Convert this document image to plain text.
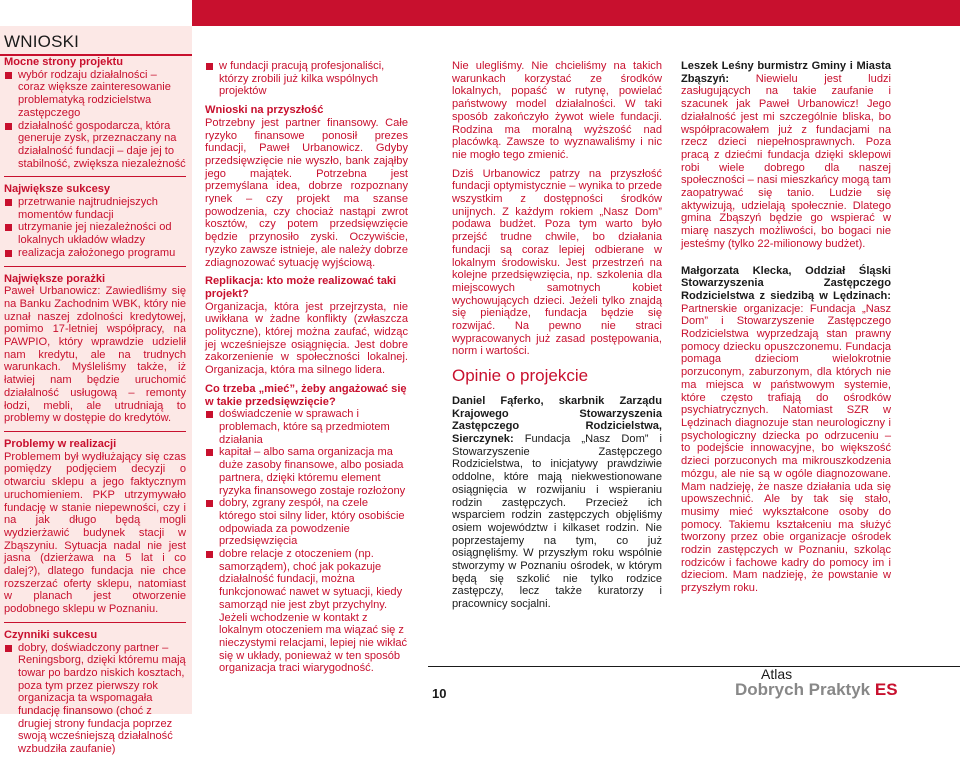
WNIOSKI
Mocne strony projektu
wybór rodzaju działalności – coraz większe zainteresowanie problematyką rodzicielstwa zastępczego
działalność gospodarcza, która generuje zysk, przeznaczany na działalność fundacji – daje jej to stabilność, zwiększa niezależność
Największe sukcesy
przetrwanie najtrudniejszych momentów fundacji
utrzymanie jej niezależności od lokalnych układów władzy
realizacja założonego programu
Największe porażki
Paweł Urbanowicz: Zawiedliśmy się na Banku Zachodnim WBK, który nie uznał naszej zdolności kredytowej, pomimo 17-letniej współpracy, na PAWPIO, który wprawdzie udzielił nam kredytu, ale na trudnych warunkach. Myśleliśmy także, iż łatwiej nam będzie uruchomić działalność usługową – remonty łodzi, mebli, ale utrudniają to problemy w dostępie do kredytów.
Problemy w realizacji
Problemem był wydłużający się czas pomiędzy podjęciem decyzji o otwarciu sklepu a jego faktycznym uruchomieniem. PKP utrzymywało fundację w stanie niepewności, czy i na jak długo będą mogli wydzierżawić budynek stacji w Zbąszyniu. Sytuacja nadal nie jest jasna (dzierżawa na 5 lat i co dalej?), dlatego fundacja nie chce rozszerzać oferty sklepu, natomiast w planach jest otworzenie podobnego sklepu w Poznaniu.
Czynniki sukcesu
dobry, doświadczony partner – Reningsborg, dzięki któremu mają towar po bardzo niskich kosztach, poza tym przez pierwszy rok organizacja ta wspomagała fundację finansowo (choć z drugiej strony fundacja poprzez swoją wcześniejszą działalność wzbudziła zaufanie)
w fundacji pracują profesjonaliści, którzy zrobili już kilka wspólnych projektów
Wnioski na przyszłość
Potrzebny jest partner finansowy. Całe ryzyko finansowe ponosił prezes fundacji, Paweł Urbanowicz. Gdyby przedsięwzięcie nie wyszło, bank zająłby jego majątek. Potrzebna jest przemyślana idea, dobrze rozpoznany rynek – czy projekt ma szanse powodzenia, czy chociaż nastąpi zwrot kosztów, czy potem przedsięwzięcie będzie przynosiło zyski. Oczywiście, ryzyko zawsze istnieje, ale należy dobrze zdiagnozować sytuację wyjściową.
Replikacja: kto może realizować taki projekt?
Organizacja, która jest przejrzysta, nie uwikłana w żadne konflikty (zwłaszcza polityczne), której można zaufać, widząc jej wcześniejsze osiągnięcia. Jest dobre zakorzenienie w społeczności lokalnej. Organizacja, która ma silnego lidera.
Co trzeba „mieć”, żeby angażować się w takie przedsięwzięcie?
doświadczenie w sprawach i problemach, które są przedmiotem działania
kapitał – albo sama organizacja ma duże zasoby finansowe, albo posiada partnera, dzięki któremu element ryzyka finansowego zostaje rozłożony
dobry, zgrany zespół, na czele którego stoi silny lider, który osobiście odpowiada za powodzenie przedsięwzięcia
dobre relacje z otoczeniem (np. samorządem), choć jak pokazuje działalność fundacji, można funkcjonować nawet w sytuacji, kiedy samorząd nie jest zbyt przychylny. Jeżeli wchodzenie w kontakt z lokalnym otoczeniem ma wiązać się z nieczystymi relacjami, lepiej nie wikłać się w układy, ponieważ w ten sposób organizacja traci wiarygodność.
Nie ulegliśmy. Nie chcieliśmy na takich warunkach korzystać ze środków lokalnych, popaść w rutynę, powielać państwowy model działalności. W taki sposób zakończyło żywot wiele fundacji. Rodzina ma moralną wyższość nad placówką. Zawsze to wyznawaliśmy i nic nie mogło tego zmienić.
Dziś Urbanowicz patrzy na przyszłość fundacji optymistycznie – wynika to przede wszystkim z dostępności środków unijnych. Z każdym rokiem „Nasz Dom” podawa budżet. Poza tym warto było przejść trudne chwile, bo działania fundacji są coraz lepiej odbierane w lokalnym środowisku. Jest przestrzeń na kolejne przedsięwzięcia, np. szkolenia dla miejscowych samotnych kobiet wychowujących dzieci. Jeżeli tylko znajdą się pieniądze, fundacja będzie się rozwijać. Na pewno nie straci wypracowanych już zasad postępowania, norm i wartości.
Opinie o projekcie
Daniel Fąferko, skarbnik Zarządu Krajowego Stowarzyszenia Zastępczego Rodzicielstwa, Sierczynek: Fundacja „Nasz Dom” i Stowarzyszenie Zastępczego Rodzicielstwa, to inicjatywy prawdziwie oddolne, które mają niekwestionowane osiągnięcia w rozwijaniu i wspieraniu rodzin zastępczych. Przecież ich wsparciem rodzin zastępczych objęliśmy osiem województw i kilkaset rodzin. Nie poprzestajemy na tym, co już osiągnęliśmy. W przyszłym roku wspólnie stworzymy w Poznaniu ośrodek, w którym będą się szkolić nie tylko rodzice zastępczy, lecz także kuratorzy i pracownicy socjalni.
Leszek Leśny burmistrz Gminy i Miasta Zbąszyń: Niewielu jest ludzi zasługujących na takie zaufanie i szacunek jak Paweł Urbanowicz! Jego działalność jest mi szczególnie bliska, bo współpracowałem już z fundacjami na rzecz dzieci niepełnosprawnych. Poza pracą z dziećmi fundacja dzięki sklepowi robi wiele dobrego dla naszej społeczności – nasi mieszkańcy mogą tam zaopatrywać się tanio. Ludzie się aktywizują, udzielają społecznie. Dlatego gmina Zbąszyń będzie go wspierać w miarę naszych możliwości, bo bogaci nie jesteśmy (tylko 22-milionowy budżet).
Małgorzata Klecka, Oddział Śląski Stowarzyszenia Zastępczego Rodzicielstwa z siedzibą w Lędzinach: Partnerskie organizacje: Fundacja „Nasz Dom” i Stowarzyszenie Zastępczego Rodzicielstwa wyprzedzają stan prawny pomocy dziecku opuszczonemu. Fundacja pomaga dzieciom wielokrotnie porzuconym, zaburzonym, dla których nie ma miejsca w państwowym systemie, które często trafiają do ośrodków psychiatrycznych. Natomiast SZR w Lędzinach diagnozuje stan neurologiczny i psychologiczny dziecka po odrzuceniu – to podejście innowacyjne, bo większość dzieci porzuconych ma mikrouszkodzenia mózgu, ale nie są w ogóle diagnozowane. Mam nadzieję, że nasze działania uda się upowszechnić. Ale by tak się stało, musimy mieć wykształcone osoby do pomocy. Takiemu kształceniu ma służyć tworzony przez obie organizacje ośrodek rodzin zastępczych w Poznaniu, szkoląc rodziców i fachowe kadry do pomocy im i dzieciom. Mam nadzieję, że powstanie w przyszłym roku.
10
Atlas
Dobrych Praktyk ES
